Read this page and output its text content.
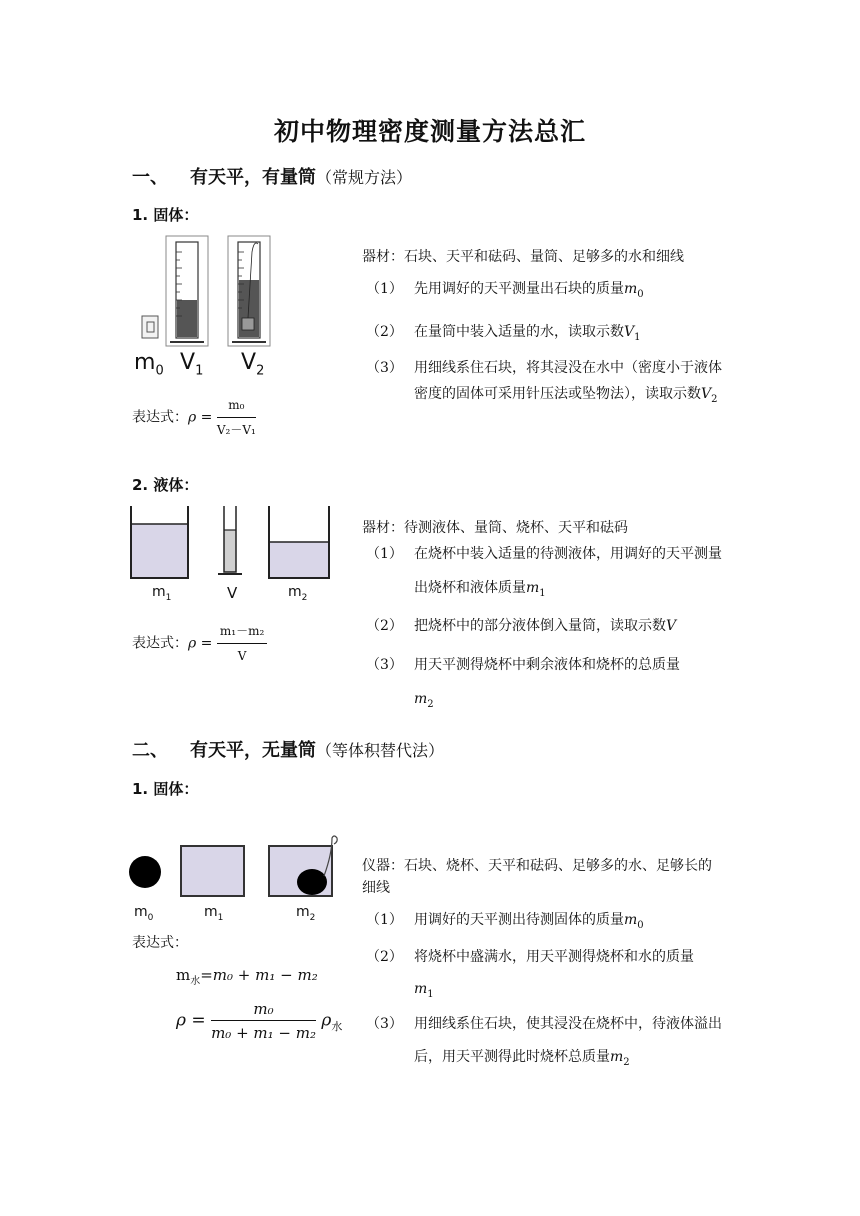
初中物理密度测量方法总汇
一、 有天平，有量筒（常规方法）
1. 固体：
$m_0$ $V_1$ $V_2$
表达式：$\rho = \frac{\text{m₀}}{\text{V₂－V₁}}$
器材：石块、天平和砝码、量筒、足够多的水和细线
（1） 先用调好的天平测量出石块的质量$m_0$
（2） 在量筒中装入适量的水，读取示数$V_1$
（3） 用细线系住石块，将其浸没在水中（密度小于液体密度的固体可采用针压法或坠物法），读取示数$V_2$
2. 液体：
$m_1$	V	$m_2$
表达式：$\rho = \frac{\text{m₁－m₂}}{V}$
器材：待测液体、量筒、烧杯、天平和砝码
（1） 在烧杯中装入适量的待测液体，用调好的天平测量出烧杯和液体质量$m_1$
（2） 把烧杯中的部分液体倒入量筒，读取示数V
（3） 用天平测得烧杯中剩余液体和烧杯的总质量
$m_2$
二、 有天平，无量筒（等体积替代法）
1. 固体：
$m_0$	$m_1$	$m_2$
表达式：
$m_水=m_0 + m_1 - m_2$
$\rho = \frac{\text{m₀}}{\text{m₀ + m₁ − m₂}} \rho_水$
仪器：石块、烧杯、天平和砝码、足够多的水、足够长的细线
（1） 用调好的天平测出待测固体的质量$m_0$
（2） 将烧杯中盛满水，用天平测得烧杯和水的质量
$m_1$
（3） 用细线系住石块，使其浸没在烧杯中，待液体溢出后，用天平测得此时烧杯总质量$m_2$
